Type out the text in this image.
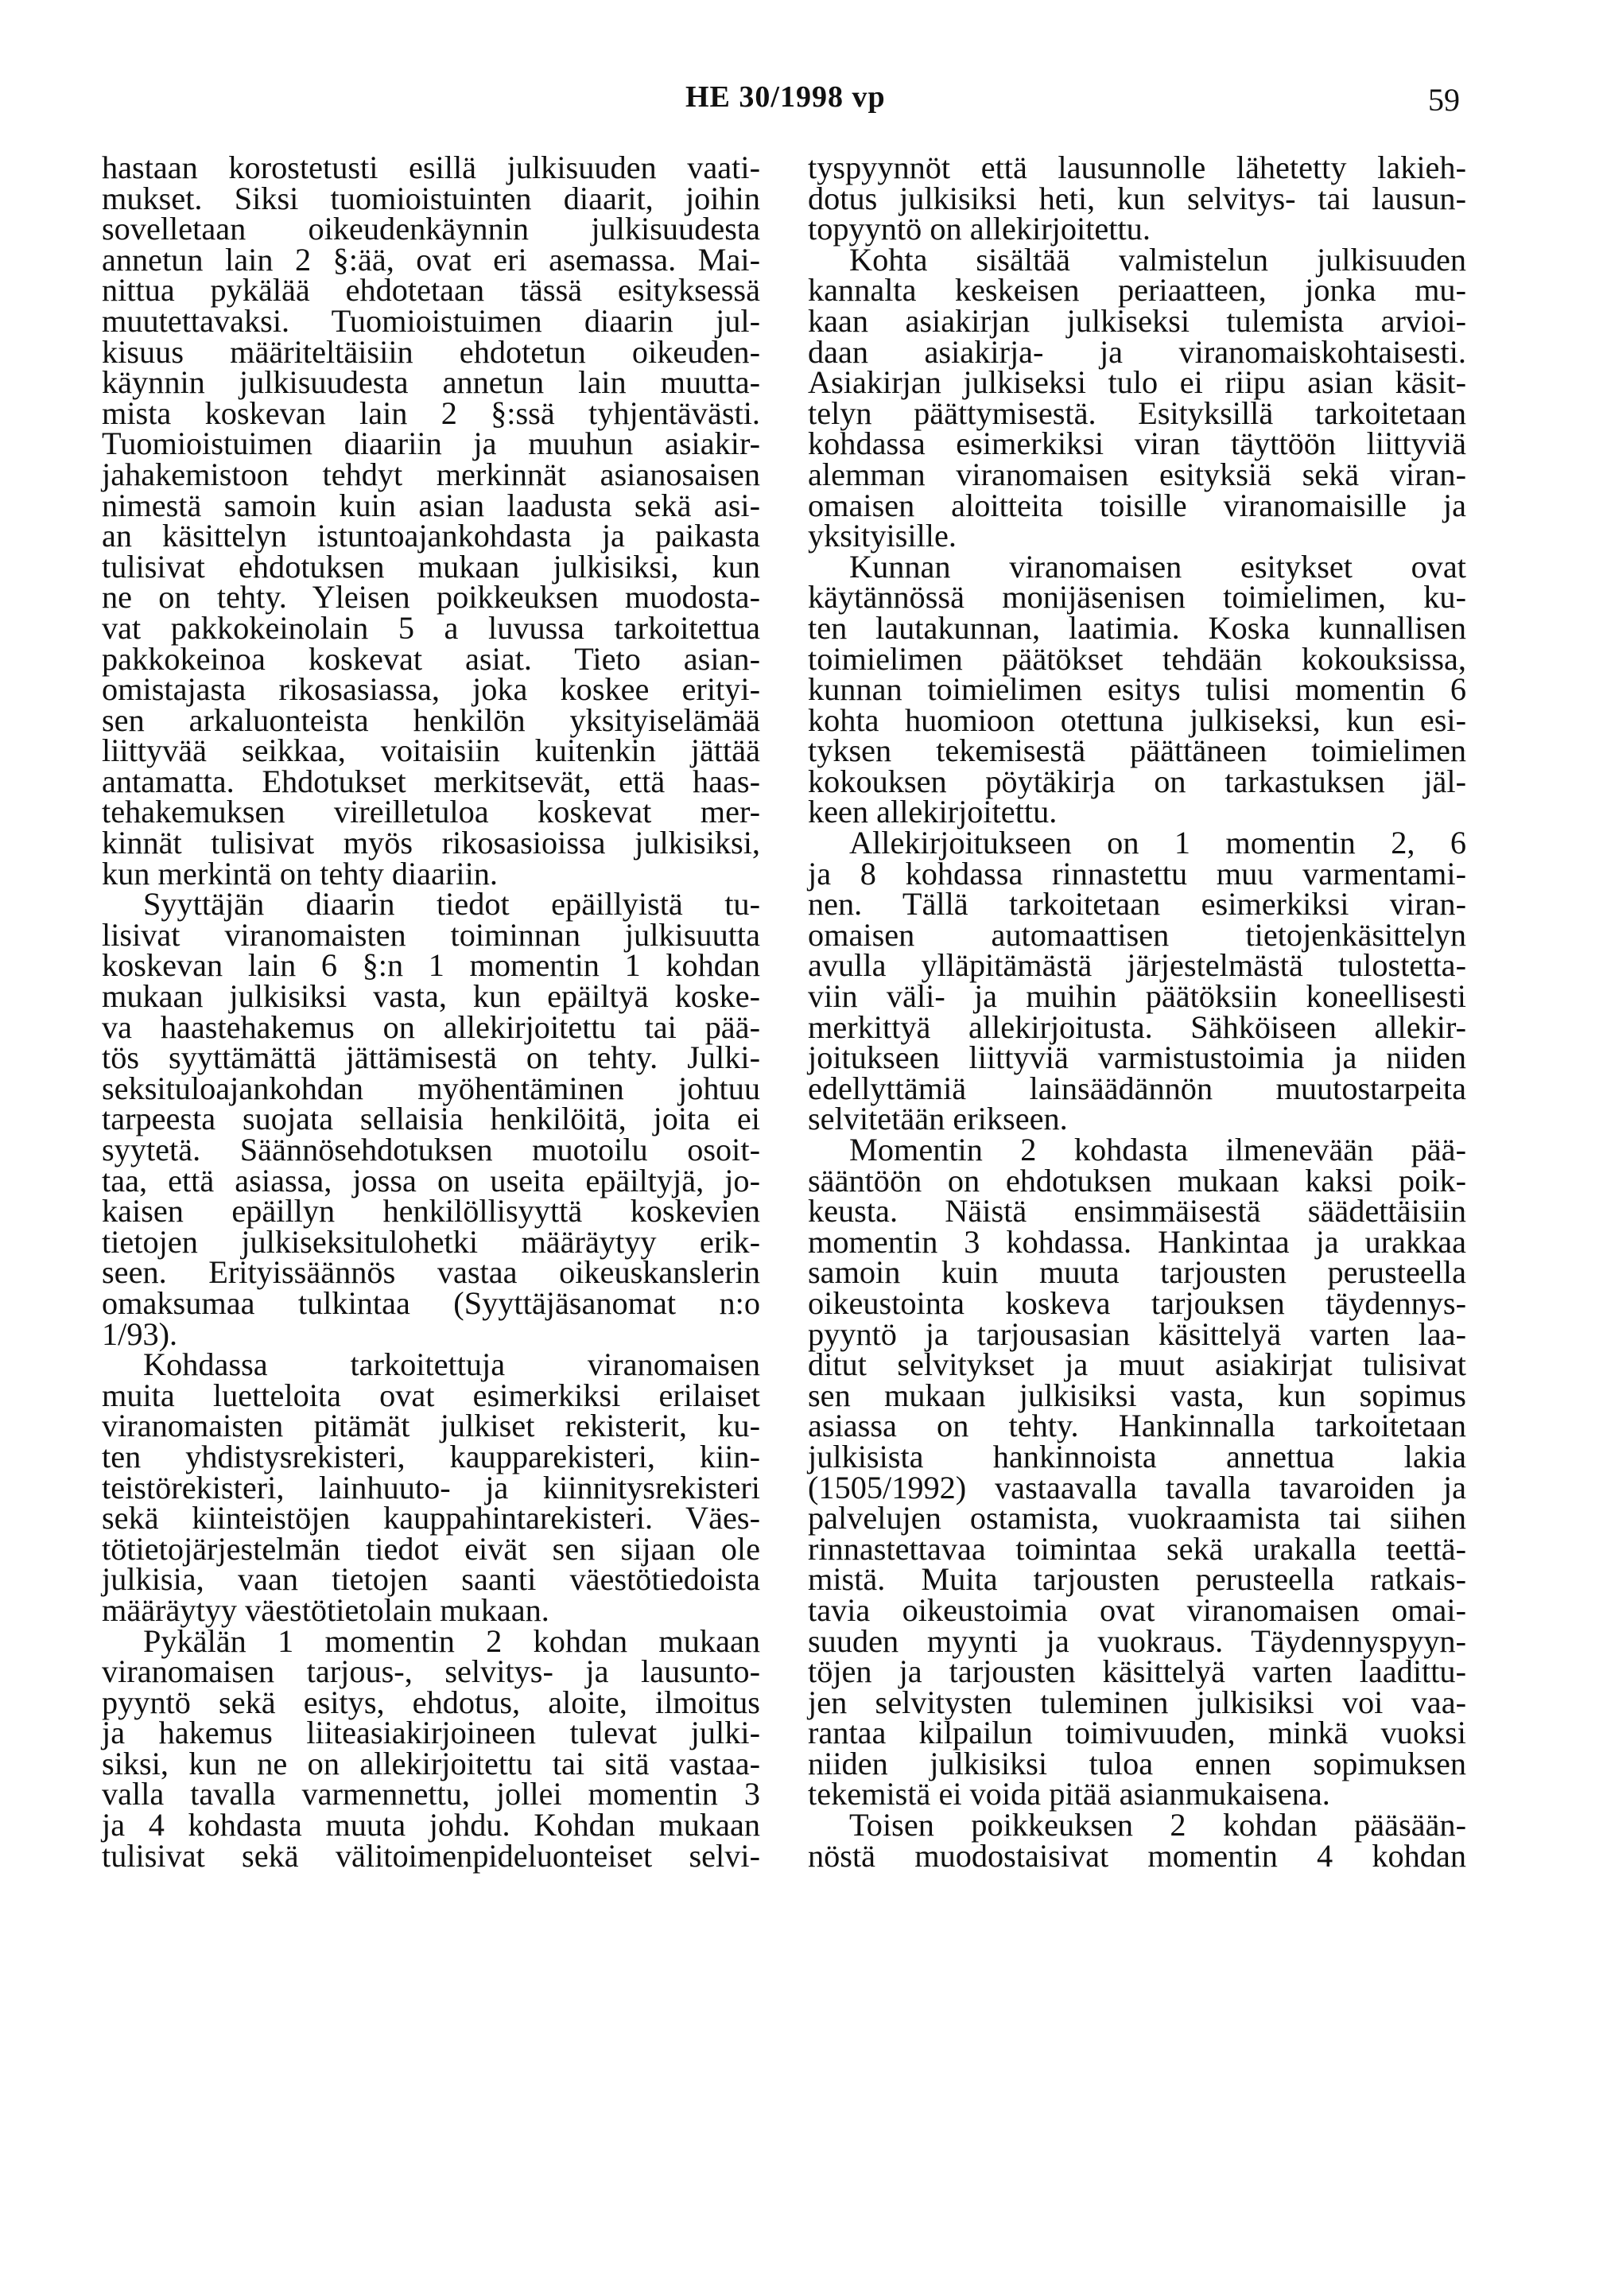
HE 30/1998 vp	59
hastaan korostetusti esillä julkisuuden vaati-
mukset. Siksi tuomioistuinten diaarit, joihin
sovelletaan oikeudenkäynnin julkisuudesta
annetun lain 2 §:ää, ovat eri asemassa. Mai-
nittua pykälää ehdotetaan tässä esityksessä
muutettavaksi. Tuomioistuimen diaarin jul-
kisuus määriteltäisiin ehdotetun oikeuden-
käynnin julkisuudesta annetun lain muutta-
mista koskevan lain 2 §:ssä tyhjentävästi.
Tuomioistuimen diaariin ja muuhun asiakir-
jahakemistoon tehdyt merkinnät asianosaisen
nimestä samoin kuin asian laadusta sekä asi-
an käsittelyn istuntoajankohdasta ja paikasta
tulisivat ehdotuksen mukaan julkisiksi, kun
ne on tehty. Yleisen poikkeuksen muodosta-
vat pakkokeinolain 5 a luvussa tarkoitettua
pakkokeinoa koskevat asiat. Tieto asian-
omistajasta rikosasiassa, joka koskee erityi-
sen arkaluonteista henkilön yksityiselämää
liittyvää seikkaa, voitaisiin kuitenkin jättää
antamatta. Ehdotukset merkitsevät, että haas-
tehakemuksen vireilletuloa koskevat mer-
kinnät tulisivat myös rikosasioissa julkisiksi,
kun merkintä on tehty diaariin.
Syyttäjän diaarin tiedot epäillyistä tu-
lisivat viranomaisten toiminnan julkisuutta
koskevan lain 6 §:n 1 momentin 1 kohdan
mukaan julkisiksi vasta, kun epäiltyä koske-
va haastehakemus on allekirjoitettu tai pää-
tös syyttämättä jättämisestä on tehty. Julki-
seksituloajankohdan myöhentäminen johtuu
tarpeesta suojata sellaisia henkilöitä, joita ei
syytetä. Säännösehdotuksen muotoilu osoit-
taa, että asiassa, jossa on useita epäiltyjä, jo-
kaisen epäillyn henkilöllisyyttä koskevien
tietojen julkiseksitulohetki määräytyy erik-
seen. Erityissäännös vastaa oikeuskanslerin
omaksumaa tulkintaa (Syyttäjäsanomat n:o
1/93).
Kohdassa tarkoitettuja viranomaisen
muita luetteloita ovat esimerkiksi erilaiset
viranomaisten pitämät julkiset rekisterit, ku-
ten yhdistysrekisteri, kaupparekisteri, kiin-
teistörekisteri, lainhuuto- ja kiinnitysrekisteri
sekä kiinteistöjen kauppahintarekisteri. Väes-
tötietojärjestelmän tiedot eivät sen sijaan ole
julkisia, vaan tietojen saanti väestötiedoista
määräytyy väestötietolain mukaan.
Pykälän 1 momentin 2 kohdan mukaan
viranomaisen tarjous-, selvitys- ja lausunto-
pyyntö sekä esitys, ehdotus, aloite, ilmoitus
ja hakemus liiteasiakirjoineen tulevat julki-
siksi, kun ne on allekirjoitettu tai sitä vastaa-
valla tavalla varmennettu, jollei momentin 3
ja 4 kohdasta muuta johdu. Kohdan mukaan
tulisivat sekä välitoimenpideluonteiset selvi-
tyspyynnöt että lausunnolle lähetetty lakieh-
dotus julkisiksi heti, kun selvitys- tai lausun-
topyyntö on allekirjoitettu.
Kohta sisältää valmistelun julkisuuden
kannalta keskeisen periaatteen, jonka mu-
kaan asiakirjan julkiseksi tulemista arvioi-
daan asiakirja- ja viranomaiskohtaisesti.
Asiakirjan julkiseksi tulo ei riipu asian käsit-
telyn päättymisestä. Esityksillä tarkoitetaan
kohdassa esimerkiksi viran täyttöön liittyviä
alemman viranomaisen esityksiä sekä viran-
omaisen aloitteita toisille viranomaisille ja
yksityisille.
Kunnan viranomaisen esitykset ovat
käytännössä monijäsenisen toimielimen, ku-
ten lautakunnan, laatimia. Koska kunnallisen
toimielimen päätökset tehdään kokouksissa,
kunnan toimielimen esitys tulisi momentin 6
kohta huomioon otettuna julkiseksi, kun esi-
tyksen tekemisestä päättäneen toimielimen
kokouksen pöytäkirja on tarkastuksen jäl-
keen allekirjoitettu.
Allekirjoitukseen on 1 momentin 2, 6
ja 8 kohdassa rinnastettu muu varmentami-
nen. Tällä tarkoitetaan esimerkiksi viran-
omaisen automaattisen tietojenkäsittelyn
avulla ylläpitämästä järjestelmästä tulostetta-
viin väli- ja muihin päätöksiin koneellisesti
merkittyä allekirjoitusta. Sähköiseen allekir-
joitukseen liittyviä varmistustoimia ja niiden
edellyttämiä lainsäädännön muutostarpeita
selvitetään erikseen.
Momentin 2 kohdasta ilmenevään pää-
sääntöön on ehdotuksen mukaan kaksi poik-
keusta. Näistä ensimmäisestä säädettäisiin
momentin 3 kohdassa. Hankintaa ja urakkaa
samoin kuin muuta tarjousten perusteella
oikeustointa koskeva tarjouksen täydennys-
pyyntö ja tarjousasian käsittelyä varten laa-
ditut selvitykset ja muut asiakirjat tulisivat
sen mukaan julkisiksi vasta, kun sopimus
asiassa on tehty. Hankinnalla tarkoitetaan
julkisista hankinnoista annettua lakia
(1505/1992) vastaavalla tavalla tavaroiden ja
palvelujen ostamista, vuokraamista tai siihen
rinnastettavaa toimintaa sekä urakalla teettä-
mistä. Muita tarjousten perusteella ratkais-
tavia oikeustoimia ovat viranomaisen omai-
suuden myynti ja vuokraus. Täydennyspyyn-
töjen ja tarjousten käsittelyä varten laadittu-
jen selvitysten tuleminen julkisiksi voi vaa-
rantaa kilpailun toimivuuden, minkä vuoksi
niiden julkisiksi tuloa ennen sopimuksen
tekemistä ei voida pitää asianmukaisena.
Toisen poikkeuksen 2 kohdan pääsään-
nöstä muodostaisivat momentin 4 kohdan
